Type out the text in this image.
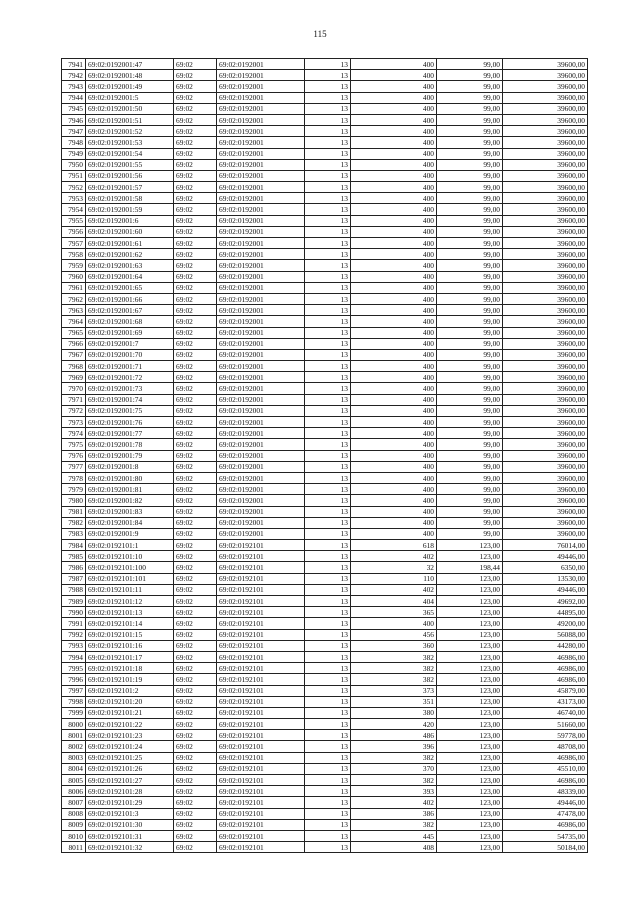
115
7941	69:02:0192001:47	69:02	69:02:0192001	13	400	99,00	39600,00
7942	69:02:0192001:48	69:02	69:02:0192001	13	400	99,00	39600,00
7943	69:02:0192001:49	69:02	69:02:0192001	13	400	99,00	39600,00
7944	69:02:0192001:5	69:02	69:02:0192001	13	400	99,00	39600,00
7945	69:02:0192001:50	69:02	69:02:0192001	13	400	99,00	39600,00
7946	69:02:0192001:51	69:02	69:02:0192001	13	400	99,00	39600,00
7947	69:02:0192001:52	69:02	69:02:0192001	13	400	99,00	39600,00
7948	69:02:0192001:53	69:02	69:02:0192001	13	400	99,00	39600,00
7949	69:02:0192001:54	69:02	69:02:0192001	13	400	99,00	39600,00
7950	69:02:0192001:55	69:02	69:02:0192001	13	400	99,00	39600,00
7951	69:02:0192001:56	69:02	69:02:0192001	13	400	99,00	39600,00
7952	69:02:0192001:57	69:02	69:02:0192001	13	400	99,00	39600,00
7953	69:02:0192001:58	69:02	69:02:0192001	13	400	99,00	39600,00
7954	69:02:0192001:59	69:02	69:02:0192001	13	400	99,00	39600,00
7955	69:02:0192001:6	69:02	69:02:0192001	13	400	99,00	39600,00
7956	69:02:0192001:60	69:02	69:02:0192001	13	400	99,00	39600,00
7957	69:02:0192001:61	69:02	69:02:0192001	13	400	99,00	39600,00
7958	69:02:0192001:62	69:02	69:02:0192001	13	400	99,00	39600,00
7959	69:02:0192001:63	69:02	69:02:0192001	13	400	99,00	39600,00
7960	69:02:0192001:64	69:02	69:02:0192001	13	400	99,00	39600,00
7961	69:02:0192001:65	69:02	69:02:0192001	13	400	99,00	39600,00
7962	69:02:0192001:66	69:02	69:02:0192001	13	400	99,00	39600,00
7963	69:02:0192001:67	69:02	69:02:0192001	13	400	99,00	39600,00
7964	69:02:0192001:68	69:02	69:02:0192001	13	400	99,00	39600,00
7965	69:02:0192001:69	69:02	69:02:0192001	13	400	99,00	39600,00
7966	69:02:0192001:7	69:02	69:02:0192001	13	400	99,00	39600,00
7967	69:02:0192001:70	69:02	69:02:0192001	13	400	99,00	39600,00
7968	69:02:0192001:71	69:02	69:02:0192001	13	400	99,00	39600,00
7969	69:02:0192001:72	69:02	69:02:0192001	13	400	99,00	39600,00
7970	69:02:0192001:73	69:02	69:02:0192001	13	400	99,00	39600,00
7971	69:02:0192001:74	69:02	69:02:0192001	13	400	99,00	39600,00
7972	69:02:0192001:75	69:02	69:02:0192001	13	400	99,00	39600,00
7973	69:02:0192001:76	69:02	69:02:0192001	13	400	99,00	39600,00
7974	69:02:0192001:77	69:02	69:02:0192001	13	400	99,00	39600,00
7975	69:02:0192001:78	69:02	69:02:0192001	13	400	99,00	39600,00
7976	69:02:0192001:79	69:02	69:02:0192001	13	400	99,00	39600,00
7977	69:02:0192001:8	69:02	69:02:0192001	13	400	99,00	39600,00
7978	69:02:0192001:80	69:02	69:02:0192001	13	400	99,00	39600,00
7979	69:02:0192001:81	69:02	69:02:0192001	13	400	99,00	39600,00
7980	69:02:0192001:82	69:02	69:02:0192001	13	400	99,00	39600,00
7981	69:02:0192001:83	69:02	69:02:0192001	13	400	99,00	39600,00
7982	69:02:0192001:84	69:02	69:02:0192001	13	400	99,00	39600,00
7983	69:02:0192001:9	69:02	69:02:0192001	13	400	99,00	39600,00
7984	69:02:0192101:1	69:02	69:02:0192101	13	618	123,00	76014,00
7985	69:02:0192101:10	69:02	69:02:0192101	13	402	123,00	49446,00
7986	69:02:0192101:100	69:02	69:02:0192101	13	32	198,44	6350,00
7987	69:02:0192101:101	69:02	69:02:0192101	13	110	123,00	13530,00
7988	69:02:0192101:11	69:02	69:02:0192101	13	402	123,00	49446,00
7989	69:02:0192101:12	69:02	69:02:0192101	13	404	123,00	49692,00
7990	69:02:0192101:13	69:02	69:02:0192101	13	365	123,00	44895,00
7991	69:02:0192101:14	69:02	69:02:0192101	13	400	123,00	49200,00
7992	69:02:0192101:15	69:02	69:02:0192101	13	456	123,00	56088,00
7993	69:02:0192101:16	69:02	69:02:0192101	13	360	123,00	44280,00
7994	69:02:0192101:17	69:02	69:02:0192101	13	382	123,00	46986,00
7995	69:02:0192101:18	69:02	69:02:0192101	13	382	123,00	46986,00
7996	69:02:0192101:19	69:02	69:02:0192101	13	382	123,00	46986,00
7997	69:02:0192101:2	69:02	69:02:0192101	13	373	123,00	45879,00
7998	69:02:0192101:20	69:02	69:02:0192101	13	351	123,00	43173,00
7999	69:02:0192101:21	69:02	69:02:0192101	13	380	123,00	46740,00
8000	69:02:0192101:22	69:02	69:02:0192101	13	420	123,00	51660,00
8001	69:02:0192101:23	69:02	69:02:0192101	13	486	123,00	59778,00
8002	69:02:0192101:24	69:02	69:02:0192101	13	396	123,00	48708,00
8003	69:02:0192101:25	69:02	69:02:0192101	13	382	123,00	46986,00
8004	69:02:0192101:26	69:02	69:02:0192101	13	370	123,00	45510,00
8005	69:02:0192101:27	69:02	69:02:0192101	13	382	123,00	46986,00
8006	69:02:0192101:28	69:02	69:02:0192101	13	393	123,00	48339,00
8007	69:02:0192101:29	69:02	69:02:0192101	13	402	123,00	49446,00
8008	69:02:0192101:3	69:02	69:02:0192101	13	386	123,00	47478,00
8009	69:02:0192101:30	69:02	69:02:0192101	13	382	123,00	46986,00
8010	69:02:0192101:31	69:02	69:02:0192101	13	445	123,00	54735,00
8011	69:02:0192101:32	69:02	69:02:0192101	13	408	123,00	50184,00
